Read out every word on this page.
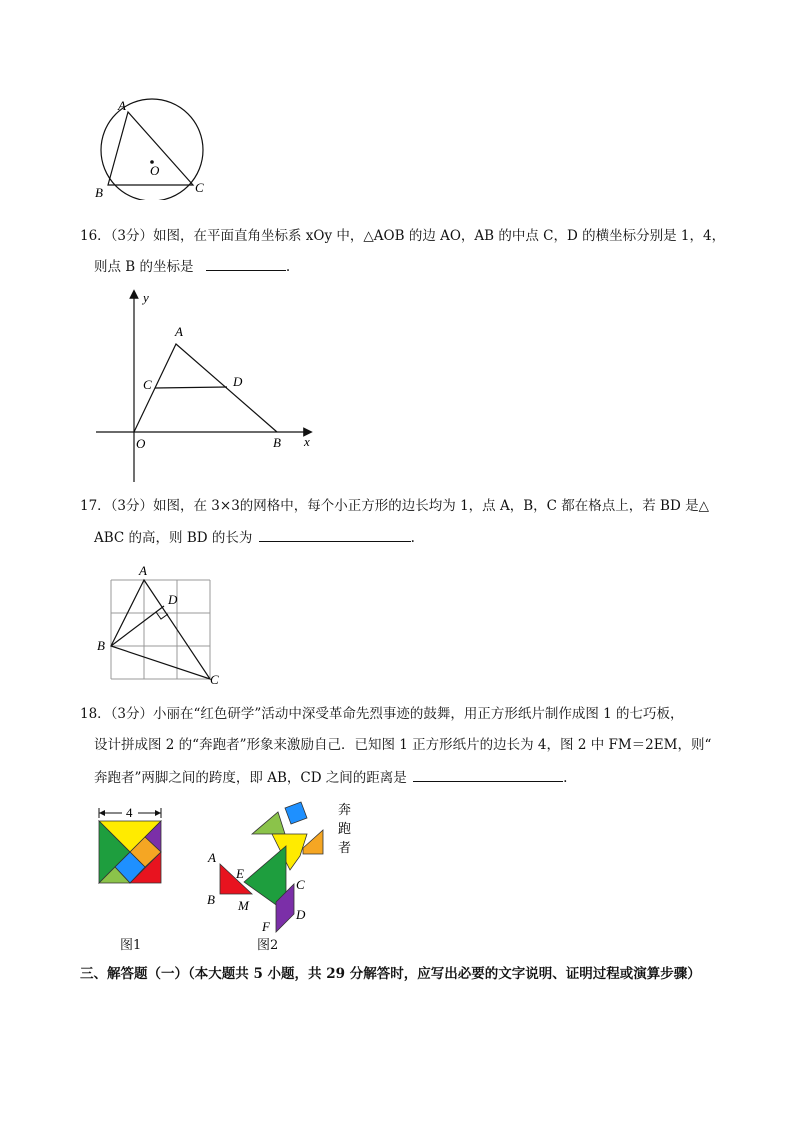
A
B	C
O
16．（3分）如图，在平面直角坐标系 xOy 中，△AOB 的边 AO，AB 的中点 C，D 的横坐标分别是 1，4，
则点 B 的坐标是	.
y
x
A
C	D
O	B
17．（3分）如图，在 3×3的网格中，每个小正方形的边长均为 1，点 A，B，C 都在格点上，若 BD 是△
ABC 的高，则 BD 的长为	.
A
B
C
D
18．（3分）小丽在“红色研学”活动中深受革命先烈事迹的鼓舞，用正方形纸片制作成图 1 的七巧板，
设计拼成图 2 的“奔跑者”形象来激励自己．已知图 1 正方形纸片的边长为 4，图 2 中 FM＝2EM，则“
奔跑者”两脚之间的跨度，即 AB，CD 之间的距离是	.
4
A
B
E
M
C
D
F
奔
跑
者
图1	图2
三、解答题（一）（本大题共 5 小题，共 29 分解答时，应写出必要的文字说明、证明过程或演算步骤）
